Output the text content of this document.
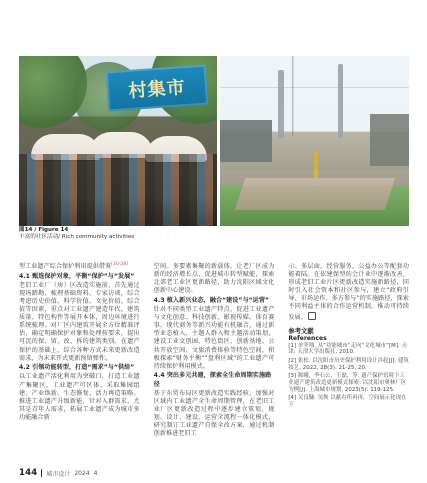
村集市
图14 / Figure 14
丰富的社区活动/ Rich community activities

型工业遗产综合保护利用提供借鉴[20-28]

4.1 甄选保护对象，平衡“保护”与“发展”

老旧工业厂（房）区改造实施前，首先通过现场踏勘、梳理基础资料、专家访谈，综合考虑历史价值、科学价值、文化价值、综合值等因素，重点对工业遗产建造年代、建筑质量、特色构件等展开本体，周边环境进行系统梳理。对厂区内建筑开展全方位精准评估，确定明确保护对象和处理按要求，提出可沉的保、留、改、拆的建筑类别。在遗产保护的基础上，综合各种方式未来更新改造需求，为未来开式更新预留弹性。

4.2 引领功能转型，打造“需求”与“供给”

以工业遗产活化利用为突破口，打造工业遗产集聚区，工业遗产可区体、采取集园组建、产业焕新、生态修复、活力再造策略。推进工业遗产升级新能，针对入群需求，尤其是青年人需求，拓展工业遗产成为城市多功能融合新

空间。多要素集聚的新载体，让老厂区成为新的经济增长点，促进城市转型赋能，探索北郊老工业区更新路径，助力沈阳区域文化创新中心建设。

4.3 植入新兴业态，融合“建设”与“运营”

针对不同类型工业遗产特点，促进工业遗产与文化创意、科技创新、影视传媒、体育赛事、现代商务等新兴功能有机融合，通过新型业态植入、主题人群入和主题活动策划，建设工业文创园、特色街区，创新基地、公共开放空间、文旅消费体验等特色空间，积极探索“财务平衡”“盘利区域”的工业遗产可持续保护利用模式。

4.4 突出多元共建，探索全生命周期实施路径

基于东贸布局区更新改造实践经验，加强对区域内工业遗产全生命周期管理，在老旧工业厂区更新改造过程中逐步建立策划、规划、设计、建设、运营全流程一体化模式，研究制订工业遗产自保全改方案，通过机制创新推进老旧工

示、多层面、经营服务，公益办公等配套功能着陆。在依建保型的会计业中逐渐改善，形成老旧工业片区更新改造实施新路径，同时引入社会资本和社区参与，建立“政府引导、市场运作、多方参与”的实施路径，探索不同利益主体的合作运营机制，推动可持续发展。

参考文献
References
[1] 单霁翔. 从“功能城市”走向“文化城市”[M]. 天津: 天津大学出版社, 2010.
[2] 张松. 以沈阳市历史保护利用设计涉起[J]. 建筑技艺, 2022, 28(3): 21-25, 20.
[3] 陈曦，李石公，王磊，等. 遗产保护语境下工业遗产建筑改造更新模式探索: 以沈阳市奥林厂区为例[J]. 上海城市规划, 2023(5): 119-125.
[4] 吴良镛. 吴焕 以献有所再再，空间展示化现在下
144 城市设计 2024 4
